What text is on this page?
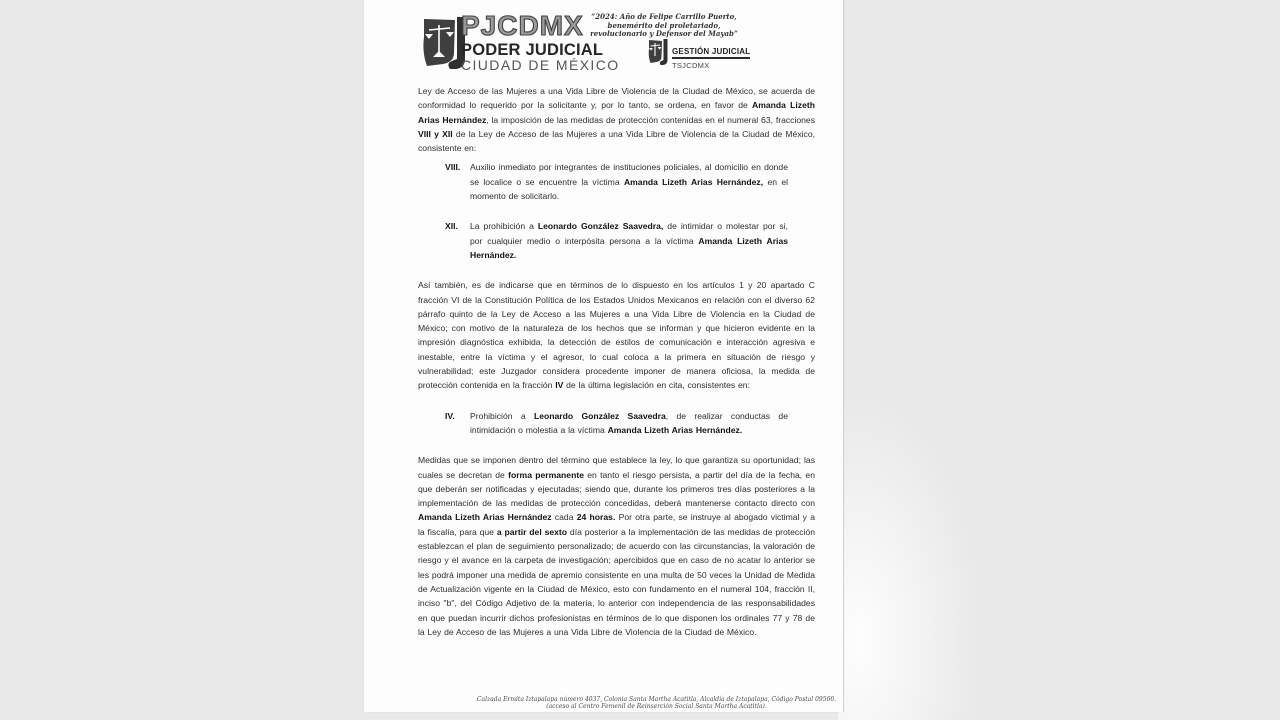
PJCDMX
PODER JUDICIAL
CIUDAD DE MÉXICO
“2024: Año de Felipe Carrillo Puerto, benemérito del proletariado, revolucionario y Defensor del Mayab”
GESTIÓN JUDICIAL
TSJCDMX
Ley de Acceso de las Mujeres a una Vida Libre de Violencia de la Ciudad de México, se acuerda de conformidad lo requerido por la solicitante y, por lo tanto, se ordena, en favor de Amanda Lizeth Arias Hernández, la imposición de las medidas de protección contenidas en el numeral 63, fracciones VIII y XII de la Ley de Acceso de las Mujeres a una Vida Libre de Violencia de la Ciudad de México, consistente en:
VIII. Auxilio inmediato por integrantes de instituciones policiales, al domicilio en donde se localice o se encuentre la víctima Amanda Lizeth Arias Hernández, en el momento de solicitarlo.
XII. La prohibición a Leonardo González Saavedra, de intimidar o molestar por si, por cualquier medio o interpósita persona a la víctima Amanda Lizeth Arias Hernández.
Así también, es de indicarse que en términos de lo dispuesto en los artículos 1 y 20 apartado C fracción VI de la Constitución Política de los Estados Unidos Mexicanos en relación con el diverso 62 párrafo quinto de la Ley de Acceso a las Mujeres a una Vida Libre de Violencia en la Ciudad de México; con motivo de la naturaleza de los hechos que se informan y que hicieron evidente en la impresión diagnóstica exhibida, la detección de estilos de comunicación e interacción agresiva e inestable, entre la víctima y el agresor, lo cual coloca a la primera en situación de riesgo y vulnerabilidad; este Juzgador considera procedente imponer de manera oficiosa, la medida de protección contenida en la fracción IV de la última legislación en cita, consistentes en:
IV. Prohibición a Leonardo González Saavedra, de realizar conductas de intimidación o molestia a la víctima Amanda Lizeth Arias Hernández.
Medidas que se imponen dentro del término que establece la ley, lo que garantiza su oportunidad; las cuales se decretan de forma permanente en tanto el riesgo persista, a partir del día de la fecha, en que deberán ser notificadas y ejecutadas; siendo que, durante los primeros tres días posteriores a la implementación de las medidas de protección concedidas, deberá mantenerse contacto directo con Amanda Lizeth Arias Hernández cada 24 horas. Por otra parte, se instruye al abogado victimal y a la fiscalía, para que a partir del sexto día posterior a la implementación de las medidas de protección establezcan el plan de seguimiento personalizado; de acuerdo con las circunstancias, la valoración de riesgo y el avance en la carpeta de investigación; apercibidos que en caso de no acatar lo anterior se les podrá imponer una medida de apremio consistente en una multa de 50 veces la Unidad de Medida de Actualización vigente en la Ciudad de México, esto con fundamento en el numeral 104, fracción II, inciso "b", del Código Adjetivo de la materia, lo anterior con independencia de las responsabilidades en que puedan incurrir dichos profesionistas en términos de lo que disponen los ordinales 77 y 78 de la Ley de Acceso de las Mujeres a una Vida Libre de Violencia de la Ciudad de México.
Calzada Ermita Iztapalapa número 4037, Colonia Santa Martha Acatitla, Alcaldía de Iztapalapa, Código Postal 09560.
(acceso al Centro Femenil de Reinserción Social Santa Martha Acatitla).
